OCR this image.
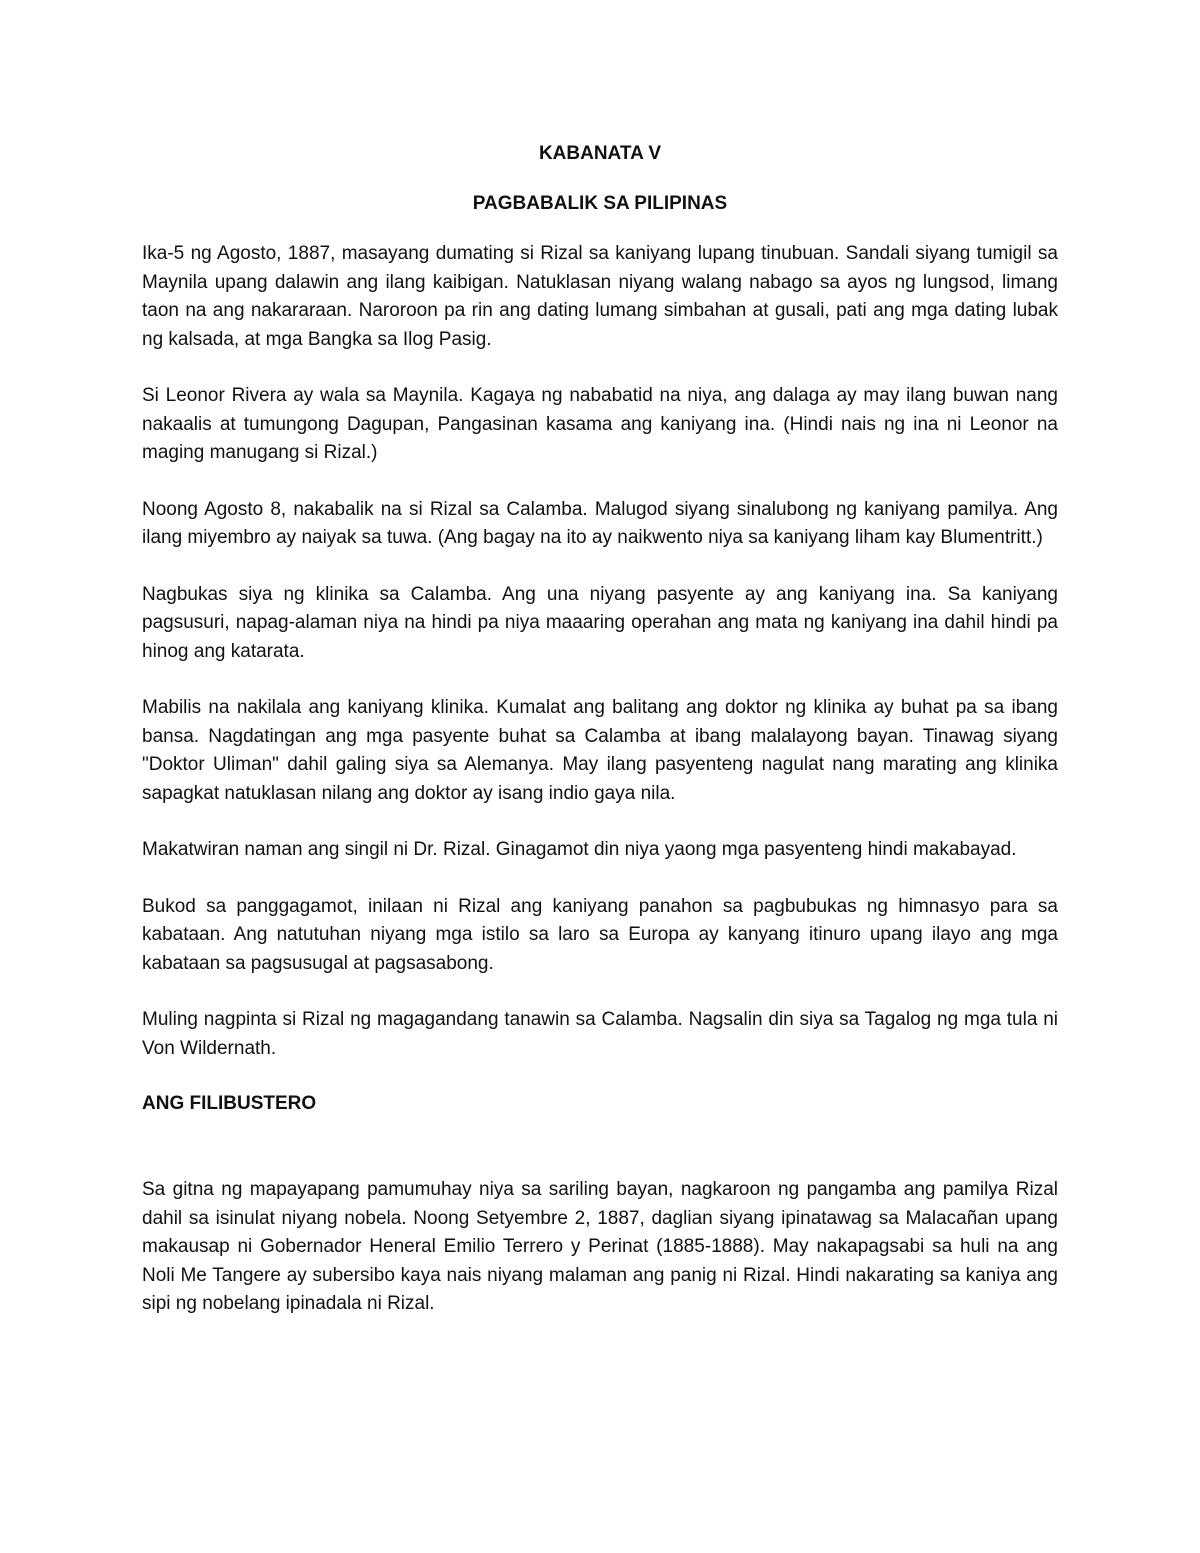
KABANATA V
PAGBABALIK SA PILIPINAS

Ika-5 ng Agosto, 1887, masayang dumating si Rizal sa kaniyang lupang tinubuan. Sandali siyang tumigil sa Maynila upang dalawin ang ilang kaibigan. Natuklasan niyang walang nabago sa ayos ng lungsod, limang taon na ang nakararaan. Naroroon pa rin ang dating lumang simbahan at gusali, pati ang mga dating lubak ng kalsada, at mga Bangka sa Ilog Pasig.

Si Leonor Rivera ay wala sa Maynila. Kagaya ng nababatid na niya, ang dalaga ay may ilang buwan nang nakaalis at tumungong Dagupan, Pangasinan kasama ang kaniyang ina. (Hindi nais ng ina ni Leonor na maging manugang si Rizal.)

Noong Agosto 8, nakabalik na si Rizal sa Calamba. Malugod siyang sinalubong ng kaniyang pamilya. Ang ilang miyembro ay naiyak sa tuwa. (Ang bagay na ito ay naikwento niya sa kaniyang liham kay Blumentritt.)

Nagbukas siya ng klinika sa Calamba. Ang una niyang pasyente ay ang kaniyang ina. Sa kaniyang pagsusuri, napag-alaman niya na hindi pa niya maaaring operahan ang mata ng kaniyang ina dahil hindi pa hinog ang katarata.

Mabilis na nakilala ang kaniyang klinika. Kumalat ang balitang ang doktor ng klinika ay buhat pa sa ibang bansa. Nagdatingan ang mga pasyente buhat sa Calamba at ibang malalayong bayan. Tinawag siyang "Doktor Uliman" dahil galing siya sa Alemanya. May ilang pasyenteng nagulat nang marating ang klinika sapagkat natuklasan nilang ang doktor ay isang indio gaya nila.

Makatwiran naman ang singil ni Dr. Rizal. Ginagamot din niya yaong mga pasyenteng hindi makabayad.

Bukod sa panggagamot, inilaan ni Rizal ang kaniyang panahon sa pagbubukas ng himnasyo para sa kabataan. Ang natutuhan niyang mga istilo sa laro sa Europa ay kanyang itinuro upang ilayo ang mga kabataan sa pagsusugal at pagsasabong.

Muling nagpinta si Rizal ng magagandang tanawin sa Calamba. Nagsalin din siya sa Tagalog ng mga tula ni Von Wildernath.

ANG FILIBUSTERO

Sa gitna ng mapayapang pamumuhay niya sa sariling bayan, nagkaroon ng pangamba ang pamilya Rizal dahil sa isinulat niyang nobela. Noong Setyembre 2, 1887, daglian siyang ipinatawag sa Malacañan upang makausap ni Gobernador Heneral Emilio Terrero y Perinat (1885-1888). May nakapagsabi sa huli na ang Noli Me Tangere ay subersibo kaya nais niyang malaman ang panig ni Rizal. Hindi nakarating sa kaniya ang sipi ng nobelang ipinadala ni Rizal.
